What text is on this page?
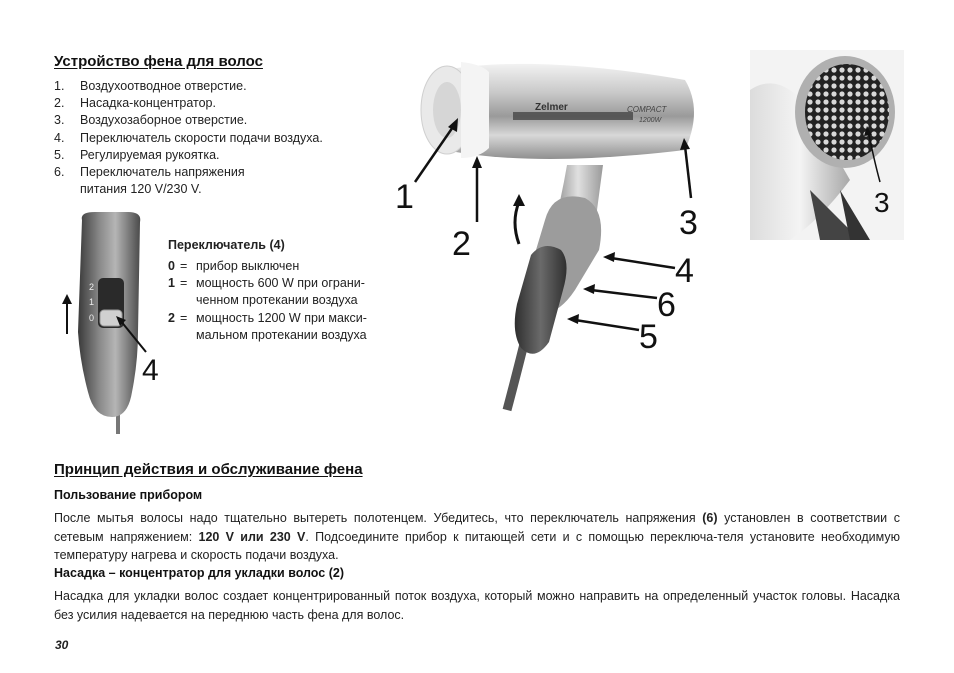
Устройство фена для волос
1.	Воздухоотводное отверстие.
2.	Насадка-концентратор.
3.	Воздухозаборное отверстие.
4.	Переключатель скорости подачи воздуха.
5.	Регулируемая рукоятка.
6.	Переключатель напряжения
питания 120 V/230 V.
2
1
0
4
Переключатель (4)
0 = прибор выключен
1 = мощность 600 W при ограни-
ченном протекании воздуха
2 = мощность 1200 W при макси-
мальном протекании воздуха
Zelmer	COMPACT
1200W
1
2
3
4
6
5
3
Принцип действия и обслуживание фена
Пользование прибором
После мытья волосы надо тщательно вытереть полотенцем. Убедитесь, что переключатель напряжения (6) установлен в соответствии с сетевым напряжением: 120 V или 230 V. Подсоедините прибор к питающей сети и с помощью переключа-теля установите необходимую температуру нагрева и скорость подачи воздуха.
Насадка – концентратор для укладки волос (2)
Насадка для укладки волос создает концентрированный поток воздуха, который можно направить на определенный участок головы. Насадка без усилия надевается на переднюю часть фена для волос.
30
